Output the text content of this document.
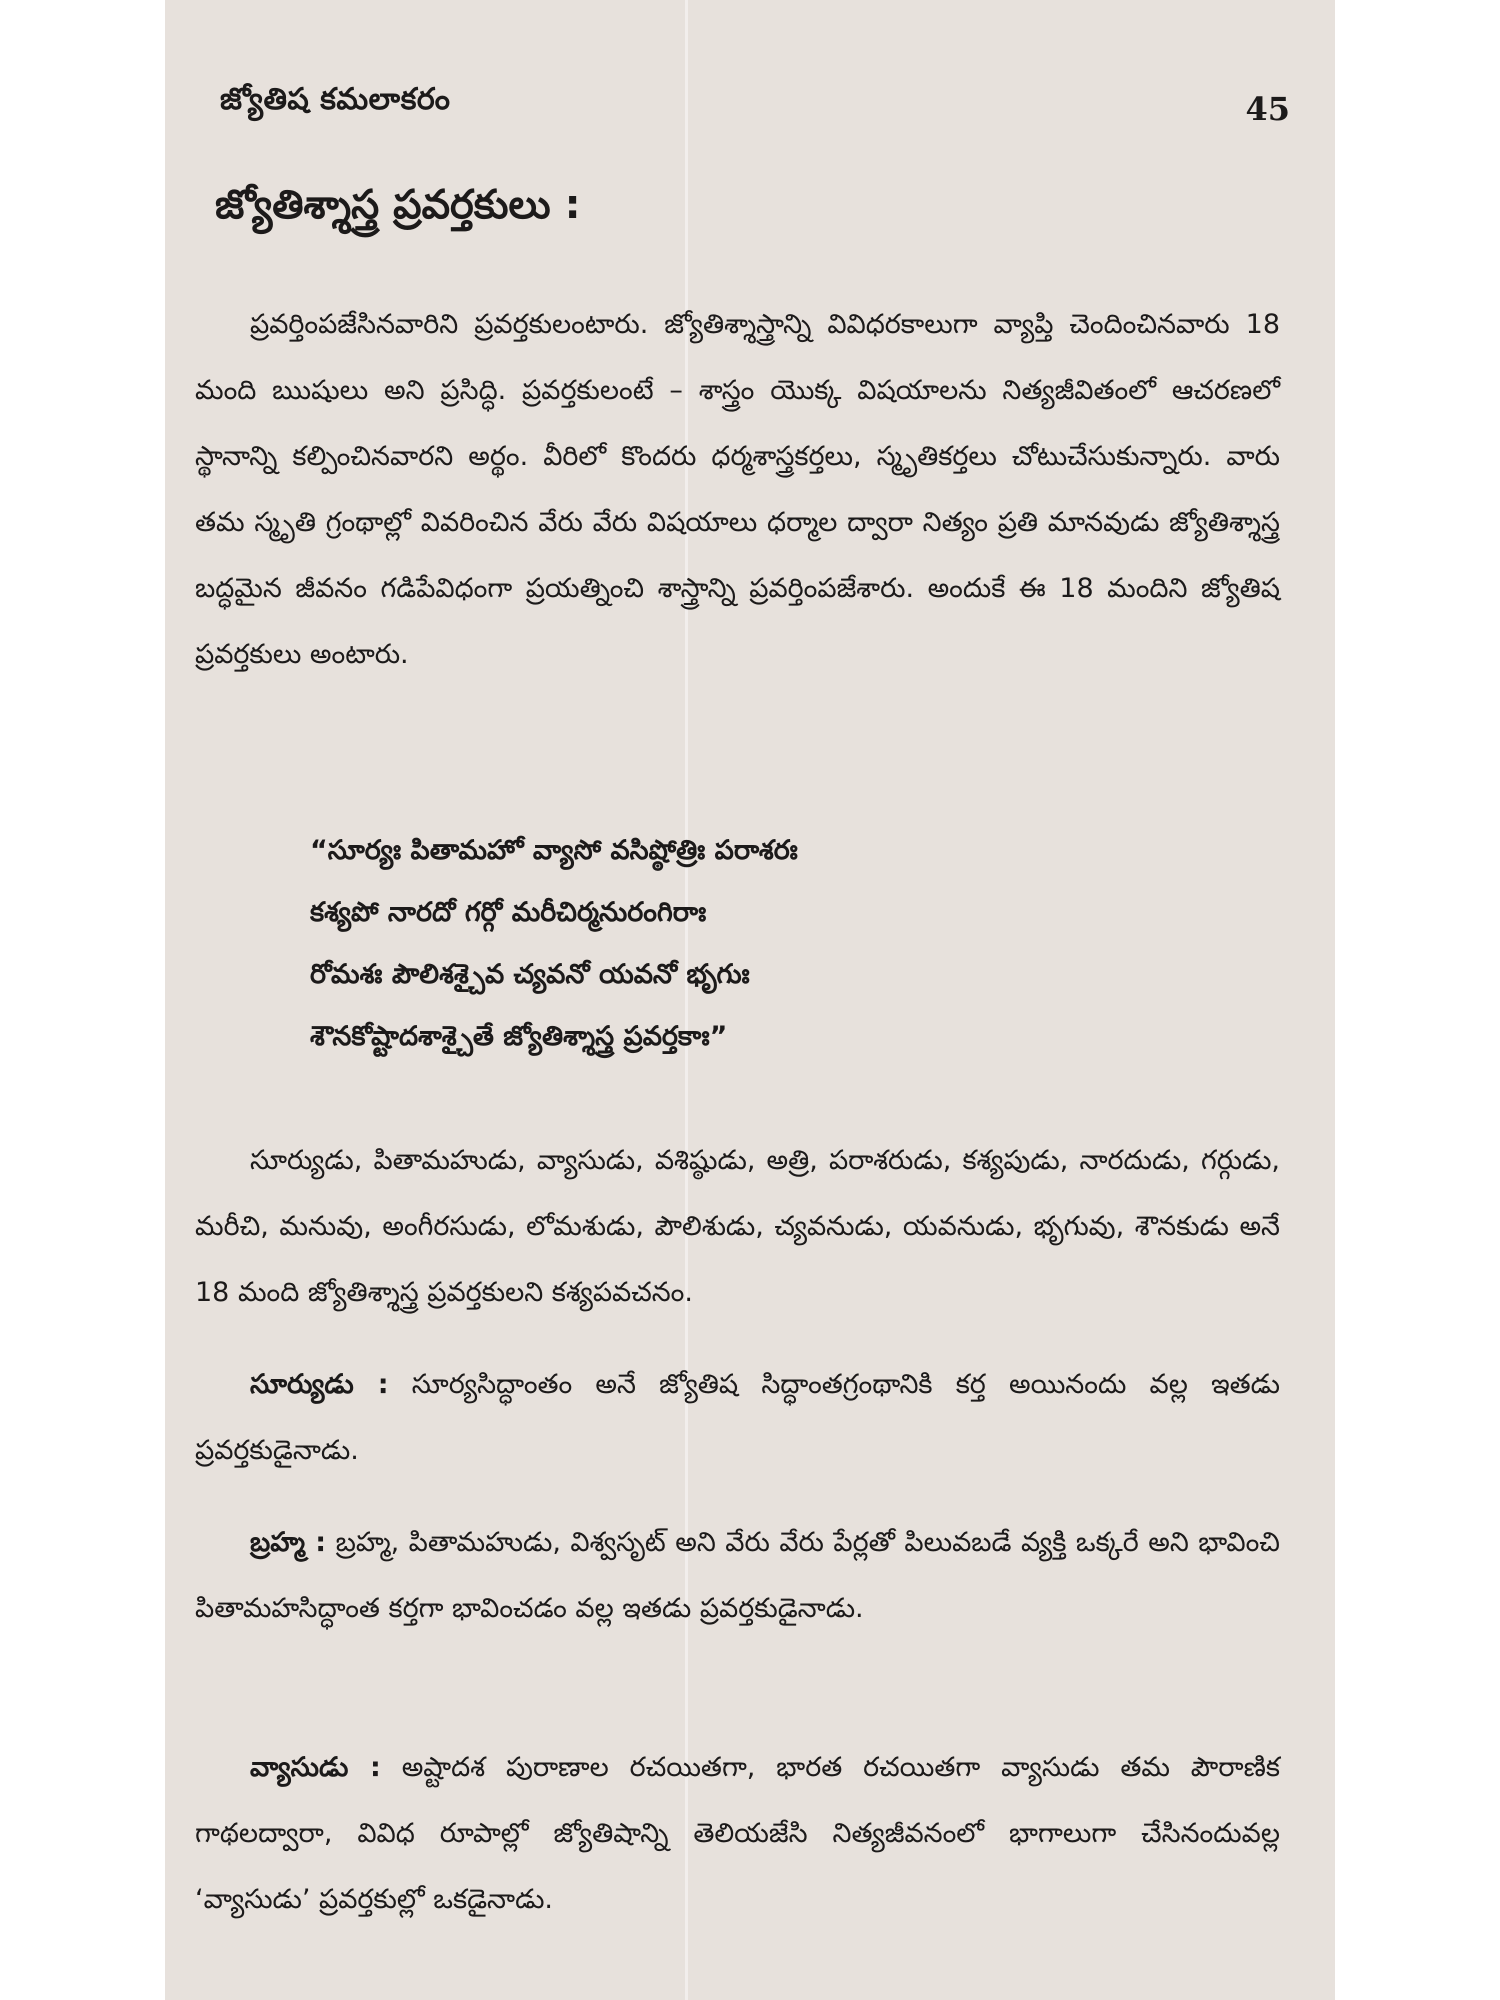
జ్యోతిష కమలాకరం	45
జ్యోతిశ్శాస్త్ర ప్రవర్తకులు :

ప్రవర్తింపజేసినవారిని ప్రవర్తకులంటారు. జ్యోతిశ్శాస్త్రాన్ని వివిధరకాలుగా వ్యాప్తి చెందించినవారు 18 మంది ఋషులు అని ప్రసిద్ధి. ప్రవర్తకులంటే – శాస్త్రం యొక్క విషయాలను నిత్యజీవితంలో ఆచరణలో స్థానాన్ని కల్పించినవారని అర్థం. వీరిలో కొందరు ధర్మశాస్త్రకర్తలు, స్మృతికర్తలు చోటుచేసుకున్నారు. వారు తమ స్మృతి గ్రంథాల్లో వివరించిన వేరు వేరు విషయాలు ధర్మాల ద్వారా నిత్యం ప్రతి మానవుడు జ్యోతిశ్శాస్త్ర బద్ధమైన జీవనం గడిపేవిధంగా ప్రయత్నించి శాస్త్రాన్ని ప్రవర్తింపజేశారు. అందుకే ఈ 18 మందిని జ్యోతిష ప్రవర్తకులు అంటారు.

“సూర్యః పితామహో వ్యాసో వసిష్ఠోత్రిః పరాశరః
కశ్యపో నారదో గర్గో మరీచిర్మనురంగిరాః
రోమశః పౌలిశశ్చైవ చ్యవనో యవనో భృగుః
శౌనకోష్టాదశాశ్చైతే జ్యోతిశ్శాస్త్ర ప్రవర్తకాః”

సూర్యుడు, పితామహుడు, వ్యాసుడు, వశిష్ఠుడు, అత్రి, పరాశరుడు, కశ్యపుడు, నారదుడు, గర్గుడు, మరీచి, మనువు, అంగీరసుడు, లోమశుడు, పౌలిశుడు, చ్యవనుడు, యవనుడు, భృగువు, శౌనకుడు అనే 18 మంది జ్యోతిశ్శాస్త్ర ప్రవర్తకులని కశ్యపవచనం.

సూర్యుడు : సూర్యసిద్ధాంతం అనే జ్యోతిష సిద్ధాంతగ్రంథానికి కర్త అయినందు వల్ల ఇతడు ప్రవర్తకుడైనాడు.

బ్రహ్మ : బ్రహ్మ, పితామహుడు, విశ్వసృట్ అని వేరు వేరు పేర్లతో పిలువబడే వ్యక్తి ఒక్కరే అని భావించి పితామహసిద్ధాంత కర్తగా భావించడం వల్ల ఇతడు ప్రవర్తకుడైనాడు.

వ్యాసుడు : అష్టాదశ పురాణాల రచయితగా, భారత రచయితగా వ్యాసుడు తమ పౌరాణిక గాథలద్వారా, వివిధ రూపాల్లో జ్యోతిషాన్ని తెలియజేసి నిత్యజీవనంలో భాగాలుగా చేసినందువల్ల ‘వ్యాసుడు’ ప్రవర్తకుల్లో ఒకడైనాడు.
